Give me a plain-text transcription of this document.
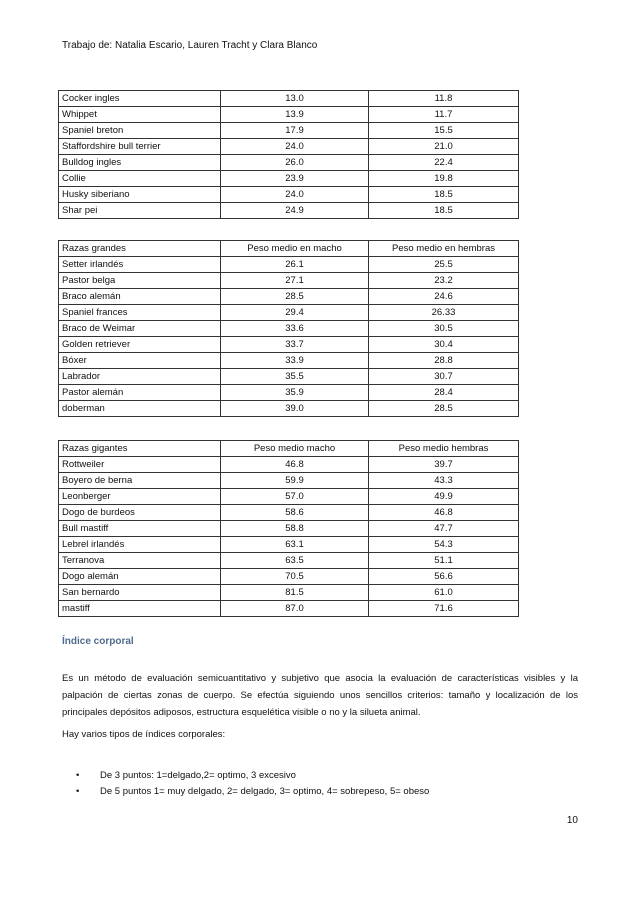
Trabajo de: Natalia Escario, Lauren Tracht y Clara Blanco
Cocker ingles	13.0	11.8
Whippet	13.9	11.7
Spaniel breton	17.9	15.5
Staffordshire bull terrier	24.0	21.0
Bulldog ingles	26.0	22.4
Collie	23.9	19.8
Husky siberiano	24.0	18.5
Shar pei	24.9	18.5
Razas grandes	Peso medio en macho	Peso medio en hembras
Setter irlandés	26.1	25.5
Pastor belga	27.1	23.2
Braco alemán	28.5	24.6
Spaniel frances	29.4	26.33
Braco de Weimar	33.6	30.5
Golden retriever	33.7	30.4
Bóxer	33.9	28.8
Labrador	35.5	30.7
Pastor alemán	35.9	28.4
doberman	39.0	28.5
Razas gigantes	Peso medio macho	Peso medio hembras
Rottweiler	46.8	39.7
Boyero de berna	59.9	43.3
Leonberger	57.0	49.9
Dogo de burdeos	58.6	46.8
Bull mastiff	58.8	47.7
Lebrel irlandés	63.1	54.3
Terranova	63.5	51.1
Dogo alemán	70.5	56.6
San bernardo	81.5	61.0
mastiff	87.0	71.6
Índice corporal

Es un método de evaluación semicuantitativo y subjetivo que asocia la evaluación de características visibles y la palpación de ciertas zonas de cuerpo. Se efectúa siguiendo unos sencillos criterios: tamaño y localización de los principales depósitos adiposos, estructura esquelética visible o no y la silueta animal.

Hay varios tipos de índices corporales:

• De 3 puntos: 1=delgado,2= optimo, 3 excesivo
• De 5 puntos 1= muy delgado, 2= delgado, 3= optimo, 4= sobrepeso, 5= obeso
10
